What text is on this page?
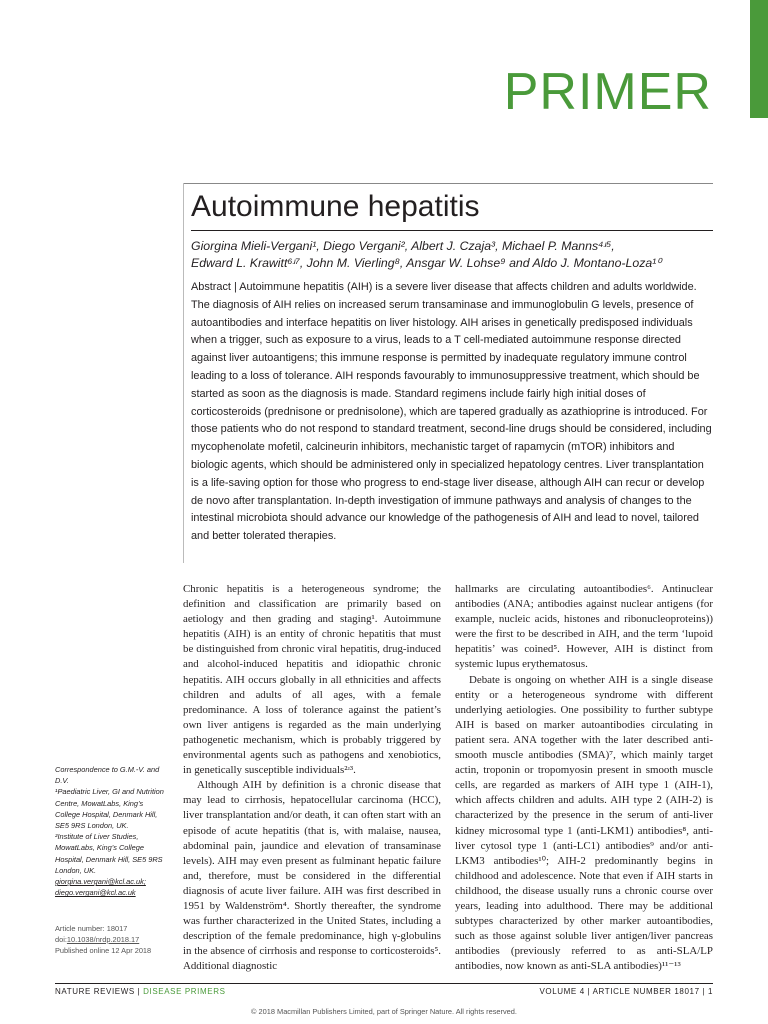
PRIMER
Autoimmune hepatitis
Giorgina Mieli-Vergani¹, Diego Vergani², Albert J. Czaja³, Michael P. Manns⁴ʴ⁵,
Edward L. Krawitt⁶ʴ⁷, John M. Vierling⁸, Ansgar W. Lohse⁹ and Aldo J. Montano-Loza¹⁰
Abstract | Autoimmune hepatitis (AIH) is a severe liver disease that affects children and adults worldwide. The diagnosis of AIH relies on increased serum transaminase and immunoglobulin G levels, presence of autoantibodies and interface hepatitis on liver histology. AIH arises in genetically predisposed individuals when a trigger, such as exposure to a virus, leads to a T cell-mediated autoimmune response directed against liver autoantigens; this immune response is permitted by inadequate regulatory immune control leading to a loss of tolerance. AIH responds favourably to immunosuppressive treatment, which should be started as soon as the diagnosis is made. Standard regimens include fairly high initial doses of corticosteroids (prednisone or prednisolone), which are tapered gradually as azathioprine is introduced. For those patients who do not respond to standard treatment, second-line drugs should be considered, including mycophenolate mofetil, calcineurin inhibitors, mechanistic target of rapamycin (mTOR) inhibitors and biologic agents, which should be administered only in specialized hepatology centres. Liver transplantation is a life-saving option for those who progress to end-stage liver disease, although AIH can recur or develop de novo after transplantation. In-depth investigation of immune pathways and analysis of changes to the intestinal microbiota should advance our knowledge of the pathogenesis of AIH and lead to novel, tailored and better tolerated therapies.

Chronic hepatitis is a heterogeneous syndrome; the definition and classification are primarily based on aetiology and then grading and staging¹. Autoimmune hepatitis (AIH) is an entity of chronic hepatitis that must be distinguished from chronic viral hepatitis, drug-induced and alcohol-induced hepatitis and idiopathic chronic hepatitis. AIH occurs globally in all ethnicities and affects children and adults of all ages, with a female predominance. A loss of tolerance against the patient’s own liver antigens is regarded as the main underlying pathogenetic mechanism, which is probably triggered by environmental agents such as pathogens and xenobiotics, in genetically susceptible individuals²ʴ³.

Although AIH by definition is a chronic disease that may lead to cirrhosis, hepatocellular carcinoma (HCC), liver transplantation and/or death, it can often start with an episode of acute hepatitis (that is, with malaise, nausea, abdominal pain, jaundice and elevation of transaminase levels). AIH may even present as fulminant hepatic failure and, therefore, must be considered in the differential diagnosis of acute liver failure. AIH was first described in 1951 by Waldenström⁴. Shortly thereafter, the syndrome was further characterized in the United States, including a description of the female predominance, high γ-globulins in the absence of cirrhosis and response to corticosteroids⁵. Additional diagnostic

hallmarks are circulating autoantibodies⁶. Antinuclear antibodies (ANA; antibodies against nuclear antigens (for example, nucleic acids, histones and ribonucleoproteins)) were the first to be described in AIH, and the term ‘lupoid hepatitis’ was coined⁵. However, AIH is distinct from systemic lupus erythematosus.

Debate is ongoing on whether AIH is a single disease entity or a heterogeneous syndrome with different underlying aetiologies. One possibility to further subtype AIH is based on marker autoantibodies circulating in patient sera. ANA together with the later described anti-smooth muscle antibodies (SMA)⁷, which mainly target actin, troponin or tropomyosin present in smooth muscle cells, are regarded as markers of AIH type 1 (AIH-1), which affects children and adults. AIH type 2 (AIH-2) is characterized by the presence in the serum of anti-liver kidney microsomal type 1 (anti-LKM1) antibodies⁸, anti-liver cytosol type 1 (anti-LC1) antibodies⁹ and/or anti-LKM3 antibodies¹⁰; AIH-2 predominantly begins in childhood and adolescence. Note that even if AIH starts in childhood, the disease usually runs a chronic course over years, leading into adulthood. There may be additional subtypes characterized by other marker autoantibodies, such as those against soluble liver antigen/liver pancreas antibodies (previously referred to as anti-SLA/LP antibodies, now known as anti-SLA antibodies)¹¹⁻¹³

Correspondence to G.M.-V. and D.V.
¹Paediatric Liver, GI and Nutrition Centre, MowatLabs, King’s College Hospital, Denmark Hill, SE5 9RS London, UK.
²Institute of Liver Studies, MowatLabs, King’s College Hospital, Denmark Hill, SE5 9RS London, UK.
giorgina.vergani@kcl.ac.uk;
diego.vergani@kcl.ac.uk
Article number: 18017
doi:10.1038/nrdp.2018.17
Published online 12 Apr 2018
NATURE REVIEWS | DISEASE PRIMERS	VOLUME 4 | ARTICLE NUMBER 18017 | 1
© 2018 Macmillan Publishers Limited, part of Springer Nature. All rights reserved.
